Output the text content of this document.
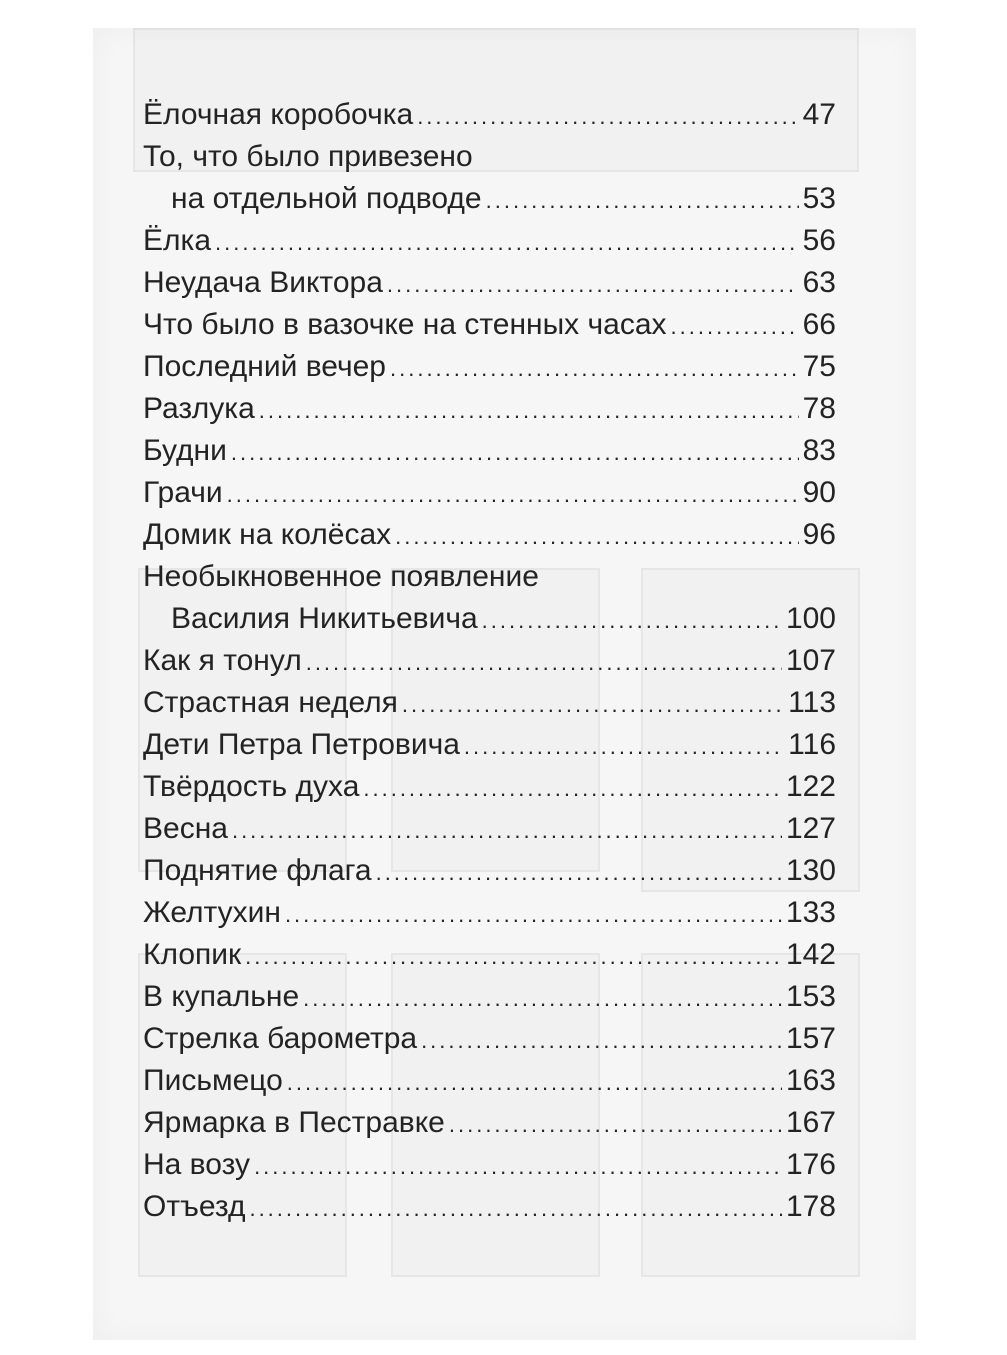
Ёлочная коробочка .....	47
То, что было привезено
на отдельной подводе .....	53
Ёлка .....	56
Неудача Виктора .....	63
Что было в вазочке на стенных часах .....	66
Последний вечер .....	75
Разлука .....	78
Будни .....	83
Грачи .....	90
Домик на колёсах .....	96
Необыкновенное появление
Василия Никитьевича .....	100
Как я тонул .....	107
Страстная неделя .....	113
Дети Петра Петровича .....	116
Твёрдость духа .....	122
Весна .....	127
Поднятие флага .....	130
Желтухин .....	133
Клопик .....	142
В купальне .....	153
Стрелка барометра .....	157
Письмецо .....	163
Ярмарка в Пестравке .....	167
На возу .....	176
Отъезд .....	178
